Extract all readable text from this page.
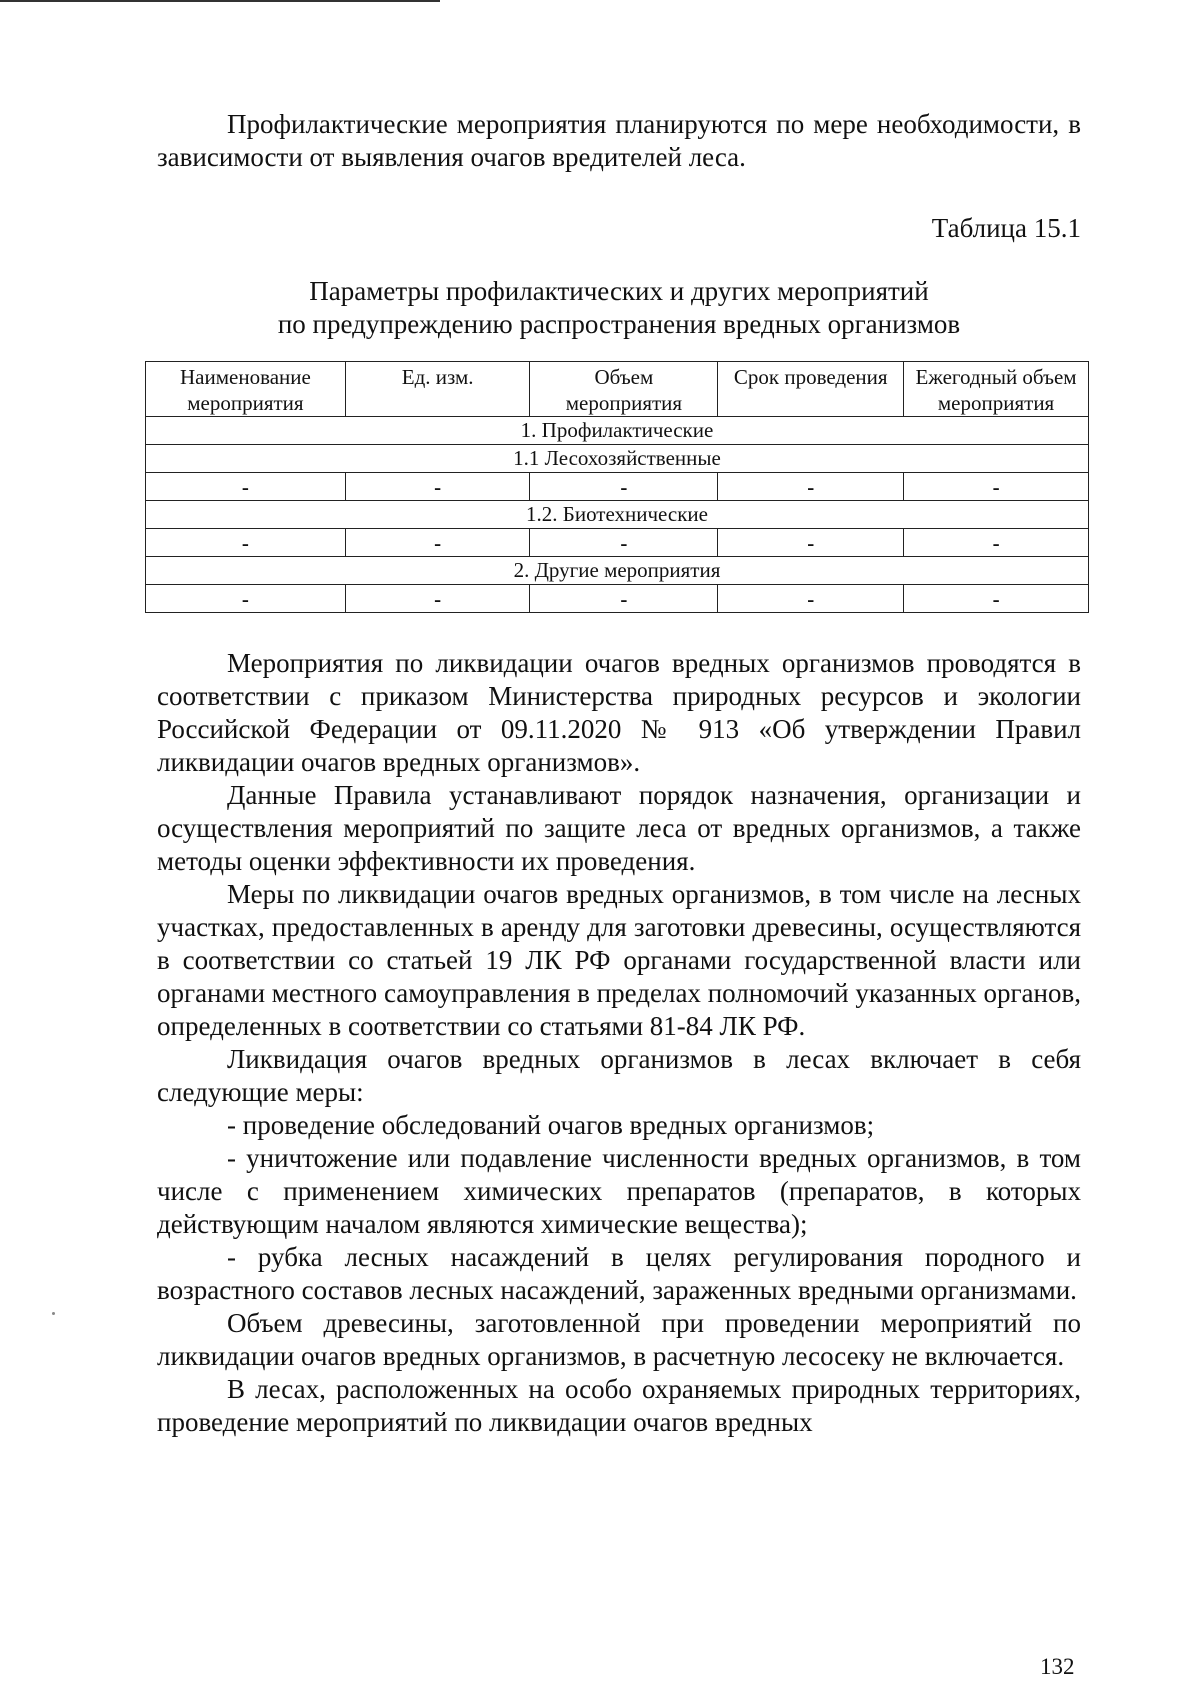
Профилактические мероприятия планируются по мере необходимости, в зависимости от выявления очагов вредителей леса.

Таблица 15.1

Параметры профилактических и других мероприятий
по предупреждению распространения вредных организмов
Наименование мероприятия	Ед. изм.	Объем мероприятия	Срок проведения	Ежегодный объем мероприятия
1. Профилактические				
1.1 Лесохозяйственные				
-	-	-	-	-
1.2. Биотехнические				
-	-	-	-	-
2. Другие мероприятия				
-	-	-	-	-

Мероприятия по ликвидации очагов вредных организмов проводятся в соответствии с приказом Министерства природных ресурсов и экологии Российской Федерации от 09.11.2020 № 913 «Об утверждении Правил ликвидации очагов вредных организмов».

Данные Правила устанавливают порядок назначения, организации и осуществления мероприятий по защите леса от вредных организмов, а также методы оценки эффективности их проведения.

Меры по ликвидации очагов вредных организмов, в том числе на лесных участках, предоставленных в аренду для заготовки древесины, осуществляются в соответствии со статьей 19 ЛК РФ органами государственной власти или органами местного самоуправления в пределах полномочий указанных органов, определенных в соответствии со статьями 81-84 ЛК РФ.

Ликвидация очагов вредных организмов в лесах включает в себя следующие меры:

- проведение обследований очагов вредных организмов;

- уничтожение или подавление численности вредных организмов, в том числе с применением химических препаратов (препаратов, в которых действующим началом являются химические вещества);

- рубка лесных насаждений в целях регулирования породного и возрастного составов лесных насаждений, зараженных вредными организмами.

Объем древесины, заготовленной при проведении мероприятий по ликвидации очагов вредных организмов, в расчетную лесосеку не включается.

В лесах, расположенных на особо охраняемых природных территориях, проведение мероприятий по ликвидации очагов вредных

132
